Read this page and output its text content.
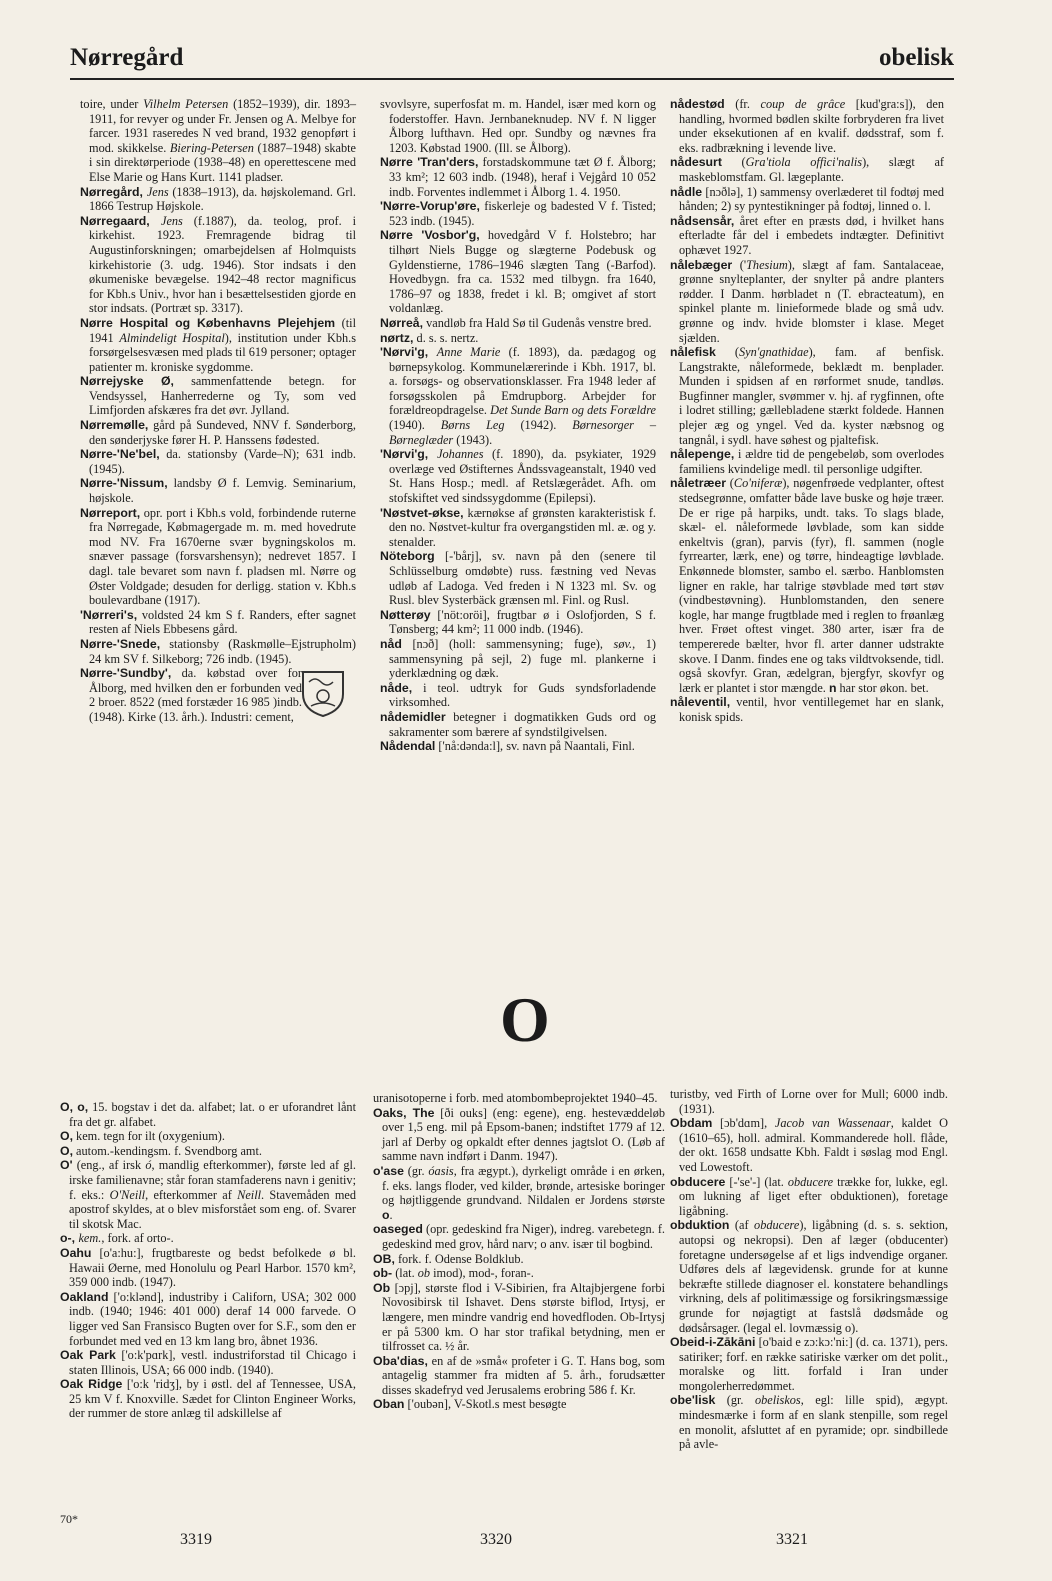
Nørregård	obelisk

toire, under Vilhelm Petersen (1852–1939), dir. 1893–1911, for revyer og under Fr. Jensen og A. Melbye for farcer. 1931 raseredes N ved brand, 1932 genopført i mod. skikkelse. Biering-Petersen (1887–1948) skabte i sin direktørperiode (1938–48) en operettescene med Else Marie og Hans Kurt. 1141 pladser.

Nørregård, Jens (1838–1913), da. højskolemand. Grl. 1866 Testrup Højskole.

Nørregaard, Jens (f.1887), da. teolog, prof. i kirkehist. 1923. Fremragende bidrag til Augustinforskningen; omarbejdelsen af Holmquists kirkehistorie (3. udg. 1946). Stor indsats i den økumeniske bevægelse. 1942–48 rector magnificus for Kbh.s Univ., hvor han i besættelsestiden gjorde en stor indsats. (Portræt sp. 3317).

Nørre Hospital og Københavns Plejehjem (til 1941 Almindeligt Hospital), institution under Kbh.s forsørgelsesvæsen med plads til 619 personer; optager patienter m. kroniske sygdomme.

Nørrejyske Ø, sammenfattende betegn. for Vendsyssel, Hanherrederne og Ty, som ved Limfjorden afskæres fra det øvr. Jylland.

Nørremølle, gård på Sundeved, NNV f. Sønderborg, den sønderjyske fører H. P. Hanssens fødested.

Nørre-'Ne'bel, da. stationsby (Varde–N); 631 indb. (1945).

Nørre-'Nissum, landsby Ø f. Lemvig. Seminarium, højskole.

Nørreport, opr. port i Kbh.s vold, forbindende ruterne fra Nørregade, Købmagergade m. m. med hovedrute mod NV. Fra 1670erne svær bygningskolos m. snæver passage (forsvarshensyn); nedrevet 1857. I dagl. tale bevaret som navn f. pladsen ml. Nørre og Øster Voldgade; desuden for derligg. station v. Kbh.s boulevardbane (1917).

'Nørreri's, voldsted 24 km S f. Randers, efter sagnet resten af Niels Ebbesens gård.

Nørre-'Snede, stationsby (Raskmølle–Ejstrupholm) 24 km SV f. Silkeborg; 726 indb. (1945).

Nørre-'Sundby', da. købstad over for Ålborg, med hvilken den er forbunden ved 2 broer. 8522 (med forstæder 16 985 )indb. (1948). Kirke (13. årh.). Industri: cement,

svovlsyre, superfosfat m. m. Handel, især med korn og foderstoffer. Havn. Jernbaneknudep. NV f. N ligger Ålborg lufthavn. Hed opr. Sundby og nævnes fra 1203. Købstad 1900. (Ill. se Ålborg).

Nørre 'Tran'ders, forstadskommune tæt Ø f. Ålborg; 33 km²; 12 603 indb. (1948), heraf i Vejgård 10 052 indb. Forventes indlemmet i Ålborg 1. 4. 1950.

'Nørre-Vorup'øre, fiskerleje og badested V f. Tisted; 523 indb. (1945).

Nørre 'Vosbor'g, hovedgård V f. Holstebro; har tilhørt Niels Bugge og slægterne Podebusk og Gyldenstierne, 1786–1946 slægten Tang (-Barfod). Hovedbygn. fra ca. 1532 med tilbygn. fra 1640, 1786–97 og 1838, fredet i kl. B; omgivet af stort voldanlæg.

Nørreå, vandløb fra Hald Sø til Gudenås venstre bred.

nørtz, d. s. s. nertz.

'Nørvi'g, Anne Marie (f. 1893), da. pædagog og børnepsykolog. Kommunelærerinde i Kbh. 1917, bl. a. forsøgs- og observationsklasser. Fra 1948 leder af forsøgsskolen på Emdrupborg. Arbejder for forældreopdragelse. Det Sunde Barn og dets Forældre (1940). Børns Leg (1942). Børnesorger – Børneglæder (1943).

'Nørvi'g, Johannes (f. 1890), da. psykiater, 1929 overlæge ved Østifternes Åndssvageanstalt, 1940 ved St. Hans Hosp.; medl. af Retslægerådet. Afh. om stofskiftet ved sindssygdomme (Epilepsi).

'Nøstvet-økse, kærnøkse af grønsten karakteristisk f. den no. Nøstvet-kultur fra overgangstiden ml. æ. og y. stenalder.

Nöteborg [-'bårj], sv. navn på den (senere til Schlüsselburg omdøbte) russ. fæstning ved Nevas udløb af Ladoga. Ved freden i N 1323 ml. Sv. og Rusl. blev Systerbäck grænsen ml. Finl. og Rusl.

Nøtterøy ['nöt:oröi], frugtbar ø i Oslofjorden, S f. Tønsberg; 44 km²; 11 000 indb. (1946).

nåd [nɔð] (holl: sammensyning; fuge), søv., 1) sammensyning på sejl, 2) fuge ml. plankerne i yderklædning og dæk.

nåde, i teol. udtryk for Guds syndsforladende virksomhed.

nådemidler betegner i dogmatikken Guds ord og sakramenter som bærere af syndstilgivelsen.

Nådendal ['nå:dənda:l], sv. navn på Naantali, Finl.

nådestød (fr. coup de grâce [kud'gra:s]), den handling, hvormed bødlen skilte forbryderen fra livet under eksekutionen af en kvalif. dødsstraf, som f. eks. radbrækning i levende live.

nådesurt (Gra'tiola offici'nalis), slægt af maskeblomstfam. Gl. lægeplante.

nådle [nɔðlə], 1) sammensy overlæderet til fodtøj med hånden; 2) sy pyntestikninger på fodtøj, linned o. l.

nådsensår, året efter en præsts død, i hvilket hans efterladte får del i embedets indtægter. Definitivt ophævet 1927.

nålebæger ('Thesium), slægt af fam. Santalaceae, grønne snylteplanter, der snylter på andre planters rødder. I Danm. hørbladet n (T. ebracteatum), en spinkel plante m. liniеformede blade og små udv. grønne og indv. hvide blomster i klase. Meget sjælden.

nålefisk (Syn'gnathidae), fam. af benfisk. Langstrakte, nåleformede, beklædt m. benplader. Munden i spidsen af en rørformet snude, tandløs. Bugfinner mangler, svømmer v. hj. af rygfinnen, ofte i lodret stilling; gællebladene stærkt foldede. Hannen plejer æg og yngel. Ved da. kyster næbsnog og tangnål, i sydl. have søhest og pjaltefisk.

nålepenge, i ældre tid de pengebeløb, som overlodes familiens kvindelige medl. til personlige udgifter.

nåletræer (Co'niferæ), nøgenfrøede vedplanter, oftest stedsegrønne, omfatter både lave buske og høje træer. De er rige på harpiks, undt. taks. To slags blade, skæl- el. nåleformede løvblade, som kan sidde enkeltvis (gran), parvis (fyr), fl. sammen (nogle fyrrearter, lærk, ene) og tørre, hindeagtige løvblade. Enkønnede blomster, sambo el. særbo. Hanblomsten ligner en rakle, har talrige støvblade med tørt støv (vindbestøvning). Hunblomstanden, den senere kogle, har mange frugtblade med i reglen to frøanlæg hver. Frøet oftest vinget. 380 arter, især fra de tempererede bælter, hvor fl. arter danner udstrakte skove. I Danm. findes ene og taks vildtvoksende, tidl. også skovfyr. Gran, ædelgran, bjergfyr, skovfyr og lærk er plantet i stor mængde. n har stor økon. bet.

nåleventil, ventil, hvor ventillegemet har en slank, konisk spids.

O

O, o, 15. bogstav i det da. alfabet; lat. o er uforandret lånt fra det gr. alfabet.

O, kem. tegn for ilt (oxygenium).

O, autom.-kendingsm. f. Svendborg amt.

O' (eng., af irsk ó, mandlig efterkommer), første led af gl. irske familienavne; står foran stamfaderens navn i genitiv; f. eks.: O'Neill, efterkommer af Neill. Stavemåden med apostrof skyldes, at o blev misforstået som eng. of. Svarer til skotsk Mac.

o-, kem., fork. af orto-.

Oahu [o'a:hu:], frugtbareste og bedst befolkede ø bl. Hawaii Øerne, med Honolulu og Pearl Harbor. 1570 km², 359 000 indb. (1947).

Oakland ['o:klənd], industriby i Californ, USA; 302 000 indb. (1940; 1946: 401 000) deraf 14 000 farvede. O ligger ved San Fransisco Bugten over for S.F., som den er forbundet med ved en 13 km lang bro, åbnet 1936.

Oak Park ['o:k'pɑrk], vestl. industriforstad til Chicago i staten Illinois, USA; 66 000 indb. (1940).

Oak Ridge ['o:k 'ridʒ], by i østl. del af Tennessee, USA, 25 km V f. Knoxville. Sædet for Clinton Engineer Works, der rummer de store anlæg til adskillelse af

uranisotoperne i forb. med atombombeprojektet 1940–45.

Oaks, The [ði ouks] (eng: egene), eng. hestevæddeløb over 1,5 eng. mil på Epsom-banen; indstiftet 1779 af 12. jarl af Derby og opkaldt efter dennes jagtslot O. (Løb af samme navn indført i Danm. 1947).

o'ase (gr. óasis, fra ægypt.), dyrkeligt område i en ørken, f. eks. langs floder, ved kilder, brønde, artesiske boringer og højtliggende grundvand. Nildalen er Jordens største o.

oaseged (opr. gedeskind fra Niger), indreg. varebetegn. f. gedeskind med grov, hård narv; o anv. især til bogbind.

OB, fork. f. Odense Boldklub.

ob- (lat. ob imod), mod-, foran-.

Ob [ɔpj], største flod i V-Sibirien, fra Altajbjergene forbi Novosibirsk til Ishavet. Dens største biflod, Irtysj, er længere, men mindre vandrig end hovedfloden. Ob-Irtysj er på 5300 km. O har stor trafikal betydning, men er tilfrosset ca. ½ år.

Oba'dias, en af de »små« profeter i G. T. Hans bog, som antagelig stammer fra midten af 5. årh., forudsætter disses skadefryd ved Jerusalems erobring 586 f. Kr.

Oban ['oubən], V-Skotl.s mest besøgte

turistby, ved Firth of Lorne over for Mull; 6000 indb. (1931).

Obdam [ɔb'dɑm], Jacob van Wassenaar, kaldet O (1610–65), holl. admiral. Kommanderede holl. flåde, der okt. 1658 undsatte Kbh. Faldt i søslag mod Engl. ved Lowestoft.

obducere [-'se'-] (lat. obducere trække for, lukke, egl. om lukning af liget efter obduktionen), foretage ligåbning.

obduktion (af obducere), ligåbning (d. s. s. sektion, autopsi og nekropsi). Den af læger (obducenter) foretagne undersøgelse af et ligs indvendige organer. Udføres dels af lægevidensk. grunde for at kunne bekræfte stillede diagnoser el. konstatere behandlings virkning, dels af politimæssige og forsikringsmæssige grunde for nøjagtigt at fastslå dødsmåde og dødsårsager. (legal el. lovmæssig o).

Obeid-i-Zākāni [o'baid e zɔ:kɔ:'ni:] (d. ca. 1371), pers. satiriker; forf. en række satiriske værker om det polit., moralske og litt. forfald i Iran under mongolerherredømmet.

obe'lisk (gr. obeliskos, egl: lille spid), ægypt. mindesmærke i form af en slank stenpille, som regel en monolit, afsluttet af en pyramide; opr. sindbillede på avle-

70*
3319	3320	3321
